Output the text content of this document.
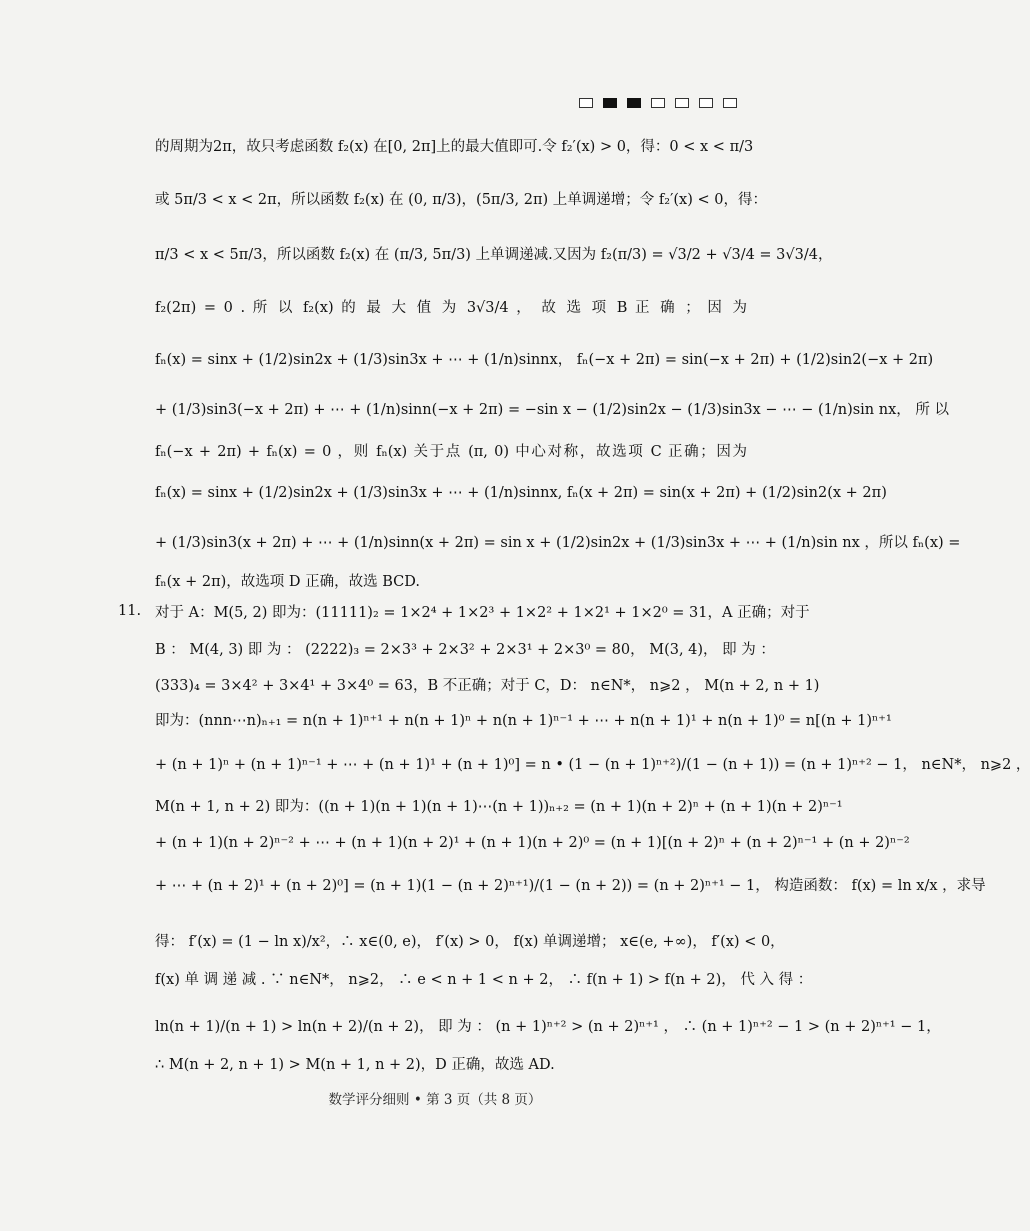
11.
的周期为2π，故只考虑函数 f₂(x) 在[0, 2π]上的最大值即可.令 f₂′(x) > 0，得：0 < x < π/3
或 5π/3 < x < 2π，所以函数 f₂(x) 在 (0, π/3)，(5π/3, 2π) 上单调递增；令 f₂′(x) < 0，得：
π/3 < x < 5π/3，所以函数 f₂(x) 在 (π/3, 5π/3) 上单调递减.又因为 f₂(π/3) = √3/2 + √3/4 = 3√3/4，
f₂(2π) = 0 . 所 以 f₂(x) 的 最 大 值 为 3√3/4 ， 故 选 项 B 正 确 ； 因 为
fₙ(x) = sinx + (1/2)sin2x + (1/3)sin3x + ⋯ + (1/n)sinnx， fₙ(−x + 2π) = sin(−x + 2π) + (1/2)sin2(−x + 2π)
+ (1/3)sin3(−x + 2π) + ⋯ + (1/n)sinn(−x + 2π) = −sin x − (1/2)sin2x − (1/3)sin3x − ⋯ − (1/n)sin nx， 所 以
fₙ(−x + 2π) + fₙ(x) = 0 ，则 fₙ(x) 关于点 (π, 0) 中心对称，故选项 C 正确；因为
fₙ(x) = sinx + (1/2)sin2x + (1/3)sin3x + ⋯ + (1/n)sinnx, fₙ(x + 2π) = sin(x + 2π) + (1/2)sin2(x + 2π)
+ (1/3)sin3(x + 2π) + ⋯ + (1/n)sinn(x + 2π) = sin x + (1/2)sin2x + (1/3)sin3x + ⋯ + (1/n)sin nx ，所以 fₙ(x) =
fₙ(x + 2π)，故选项 D 正确，故选 BCD.
对于 A：M(5, 2) 即为：(11111)₂ = 1×2⁴ + 1×2³ + 1×2² + 1×2¹ + 1×2⁰ = 31，A 正确；对于
B ： M(4, 3) 即 为 ： (2222)₃ = 2×3³ + 2×3² + 2×3¹ + 2×3⁰ = 80， M(3, 4)， 即 为 ：
(333)₄ = 3×4² + 3×4¹ + 3×4⁰ = 63，B 不正确；对于 C，D： n∈N*， n⩾2 ， M(n + 2, n + 1)
即为：(nnn⋯n)ₙ₊₁ = n(n + 1)ⁿ⁺¹ + n(n + 1)ⁿ + n(n + 1)ⁿ⁻¹ + ⋯ + n(n + 1)¹ + n(n + 1)⁰ = n[(n + 1)ⁿ⁺¹
+ (n + 1)ⁿ + (n + 1)ⁿ⁻¹ + ⋯ + (n + 1)¹ + (n + 1)⁰] = n • (1 − (n + 1)ⁿ⁺²)/(1 − (n + 1)) = (n + 1)ⁿ⁺² − 1， n∈N*， n⩾2 ，
M(n + 1, n + 2) 即为：((n + 1)(n + 1)(n + 1)⋯(n + 1))ₙ₊₂ = (n + 1)(n + 2)ⁿ + (n + 1)(n + 2)ⁿ⁻¹
+ (n + 1)(n + 2)ⁿ⁻² + ⋯ + (n + 1)(n + 2)¹ + (n + 1)(n + 2)⁰ = (n + 1)[(n + 2)ⁿ + (n + 2)ⁿ⁻¹ + (n + 2)ⁿ⁻²
+ ⋯ + (n + 2)¹ + (n + 2)⁰] = (n + 1)(1 − (n + 2)ⁿ⁺¹)/(1 − (n + 2)) = (n + 2)ⁿ⁺¹ − 1， 构造函数： f(x) = ln x/x ，求导
得： f′(x) = (1 − ln x)/x²，∴ x∈(0, e)， f′(x) > 0， f(x) 单调递增； x∈(e, +∞)， f′(x) < 0，
f(x) 单 调 递 减 . ∵ n∈N*， n⩾2， ∴ e < n + 1 < n + 2， ∴ f(n + 1) > f(n + 2)， 代 入 得 ：
ln(n + 1)/(n + 1) > ln(n + 2)/(n + 2)， 即 为 ： (n + 1)ⁿ⁺² > (n + 2)ⁿ⁺¹ ， ∴ (n + 1)ⁿ⁺² − 1 > (n + 2)ⁿ⁺¹ − 1，
∴ M(n + 2, n + 1) > M(n + 1, n + 2)，D 正确，故选 AD.
数学评分细则 • 第 3 页（共 8 页）
